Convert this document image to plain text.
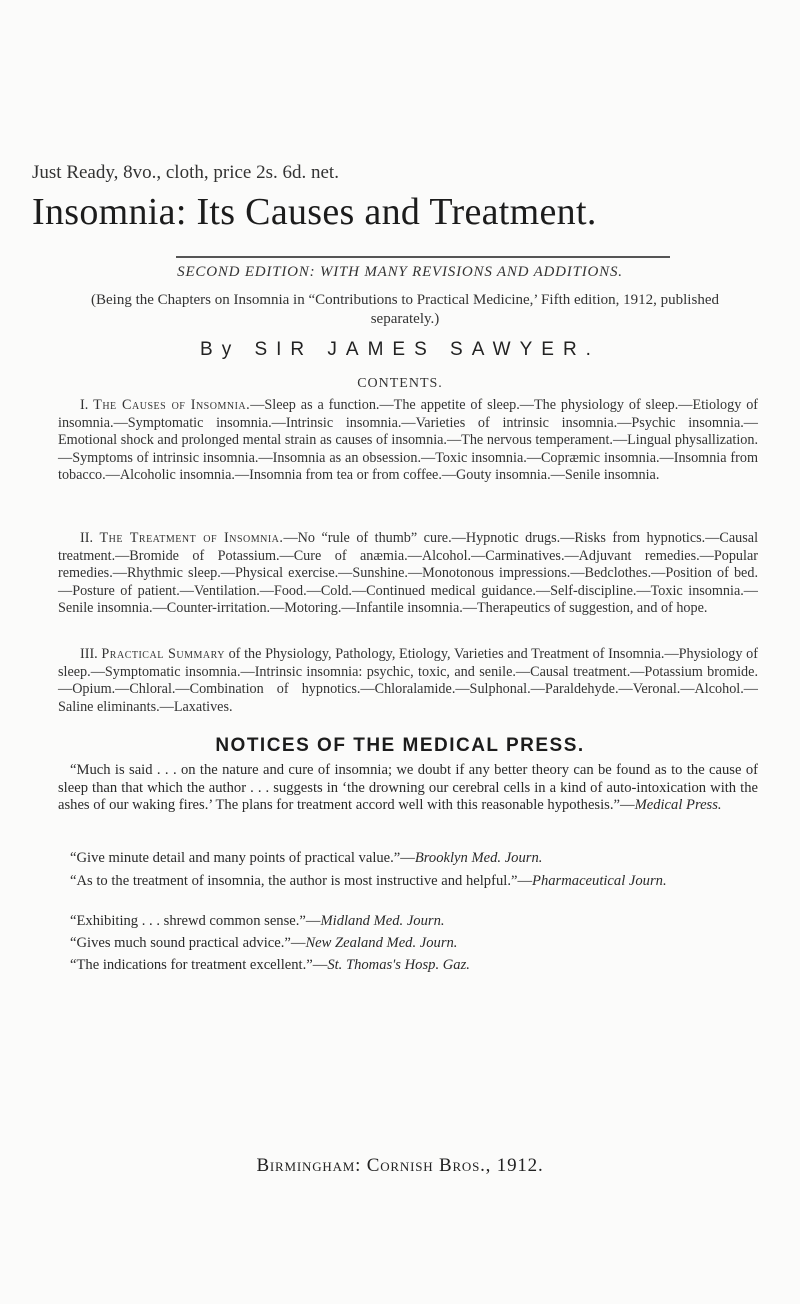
Just Ready, 8vo., cloth, price 2s. 6d. net.
Insomnia: Its Causes and Treatment.
SECOND EDITION: WITH MANY REVISIONS AND ADDITIONS.
(Being the Chapters on Insomnia in “Contributions to Practical Medicine,’ Fifth edition, 1912, published separately.)
By SIR JAMES SAWYER.
CONTENTS.
I. The Causes of Insomnia.—Sleep as a function.—The appetite of sleep.—The physiology of sleep.—Etiology of insomnia.—Symptomatic insomnia.—Intrinsic insomnia.—Varieties of intrinsic insomnia.—Psychic insomnia.—Emotional shock and prolonged mental strain as causes of insomnia.—The nervous temperament.—Lingual physallization.—Symptoms of intrinsic insomnia.—Insomnia as an obsession.—Toxic insomnia.—Copræmic insomnia.—Insomnia from tobacco.—Alcoholic insomnia.—Insomnia from tea or from coffee.—Gouty insomnia.—Senile insomnia.
II. The Treatment of Insomnia.—No “rule of thumb” cure.—Hypnotic drugs.—Risks from hypnotics.—Causal treatment.—Bromide of Potassium.—Cure of anæmia.—Alcohol.—Carminatives.—Adjuvant remedies.—Popular remedies.—Rhythmic sleep.—Physical exercise.—Sunshine.—Monotonous impressions.—Bedclothes.—Position of bed.—Posture of patient.—Ventilation.—Food.—Cold.—Continued medical guidance.—Self-discipline.—Toxic insomnia.—Senile insomnia.—Counter-irritation.—Motoring.—Infantile insomnia.—Therapeutics of suggestion, and of hope.
III. Practical Summary of the Physiology, Pathology, Etiology, Varieties and Treatment of Insomnia.—Physiology of sleep.—Symptomatic insomnia.—Intrinsic insomnia: psychic, toxic, and senile.—Causal treatment.—Potassium bromide.—Opium.—Chloral.—Combination of hypnotics.—Chloralamide.—Sulphonal.—Paraldehyde.—Veronal.—Alcohol.—Saline eliminants.—Laxatives.
NOTICES OF THE MEDICAL PRESS.
“Much is said . . . on the nature and cure of insomnia; we doubt if any better theory can be found as to the cause of sleep than that which the author . . . suggests in ‘the drowning our cerebral cells in a kind of auto-intoxication with the ashes of our waking fires.’ The plans for treatment accord well with this reasonable hypothesis.”—Medical Press.
“Give minute detail and many points of practical value.”—Brooklyn Med. Journ.
“As to the treatment of insomnia, the author is most instructive and helpful.”—Pharmaceutical Journ.
“Exhibiting . . . shrewd common sense.”—Midland Med. Journ.
“Gives much sound practical advice.”—New Zealand Med. Journ.
“The indications for treatment excellent.”—St. Thomas's Hosp. Gaz.
Birmingham: Cornish Bros., 1912.
